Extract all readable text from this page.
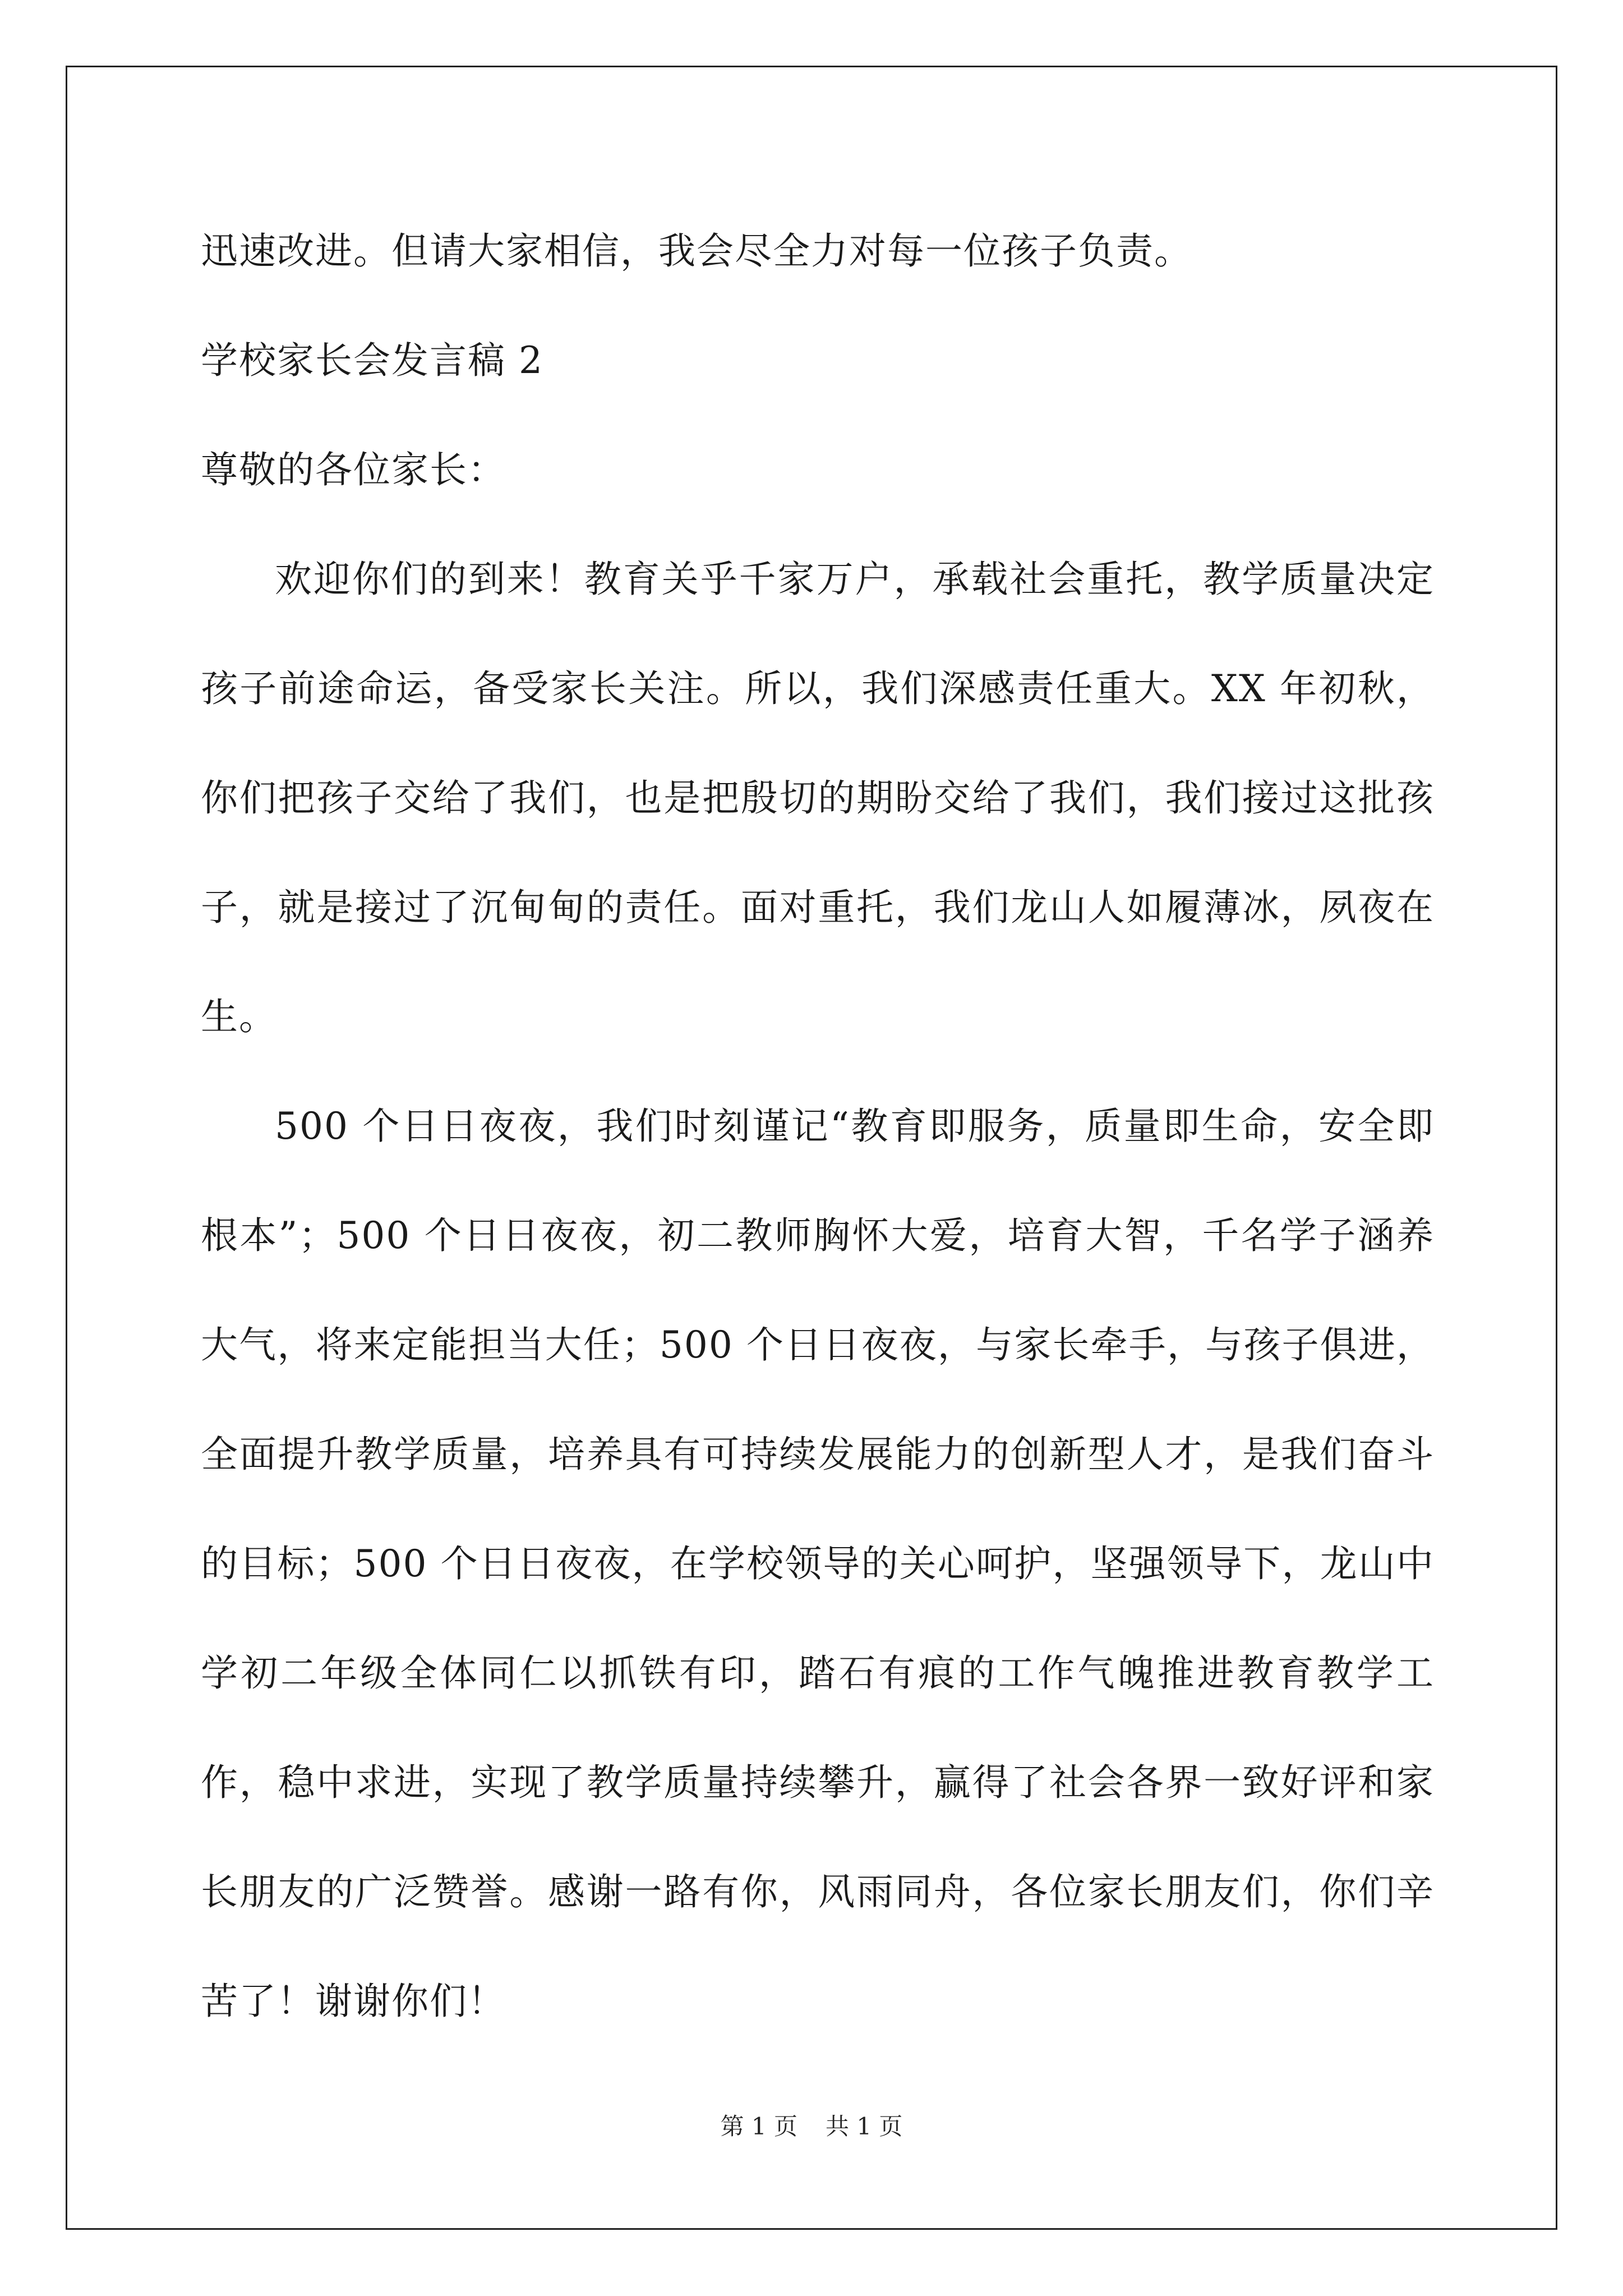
迅速改进。但请大家相信，我会尽全力对每一位孩子负责。

学校家长会发言稿 2

尊敬的各位家长：

欢迎你们的到来！教育关乎千家万户，承载社会重托，教学质量决定孩子前途命运，备受家长关注。所以，我们深感责任重大。XX 年初秋，你们把孩子交给了我们，也是把殷切的期盼交给了我们，我们接过这批孩子，就是接过了沉甸甸的责任。面对重托，我们龙山人如履薄冰，夙夜在生。

500 个日日夜夜，我们时刻谨记“教育即服务，质量即生命，安全即根本”；500 个日日夜夜，初二教师胸怀大爱，培育大智，千名学子涵养大气，将来定能担当大任；500 个日日夜夜，与家长牵手，与孩子俱进，全面提升教学质量，培养具有可持续发展能力的创新型人才，是我们奋斗的目标；500 个日日夜夜，在学校领导的关心呵护，坚强领导下，龙山中学初二年级全体同仁以抓铁有印，踏石有痕的工作气魄推进教育教学工作，稳中求进，实现了教学质量持续攀升，赢得了社会各界一致好评和家长朋友的广泛赞誉。感谢一路有你，风雨同舟，各位家长朋友们，你们辛苦了！谢谢你们！

第 1 页 共 1 页
